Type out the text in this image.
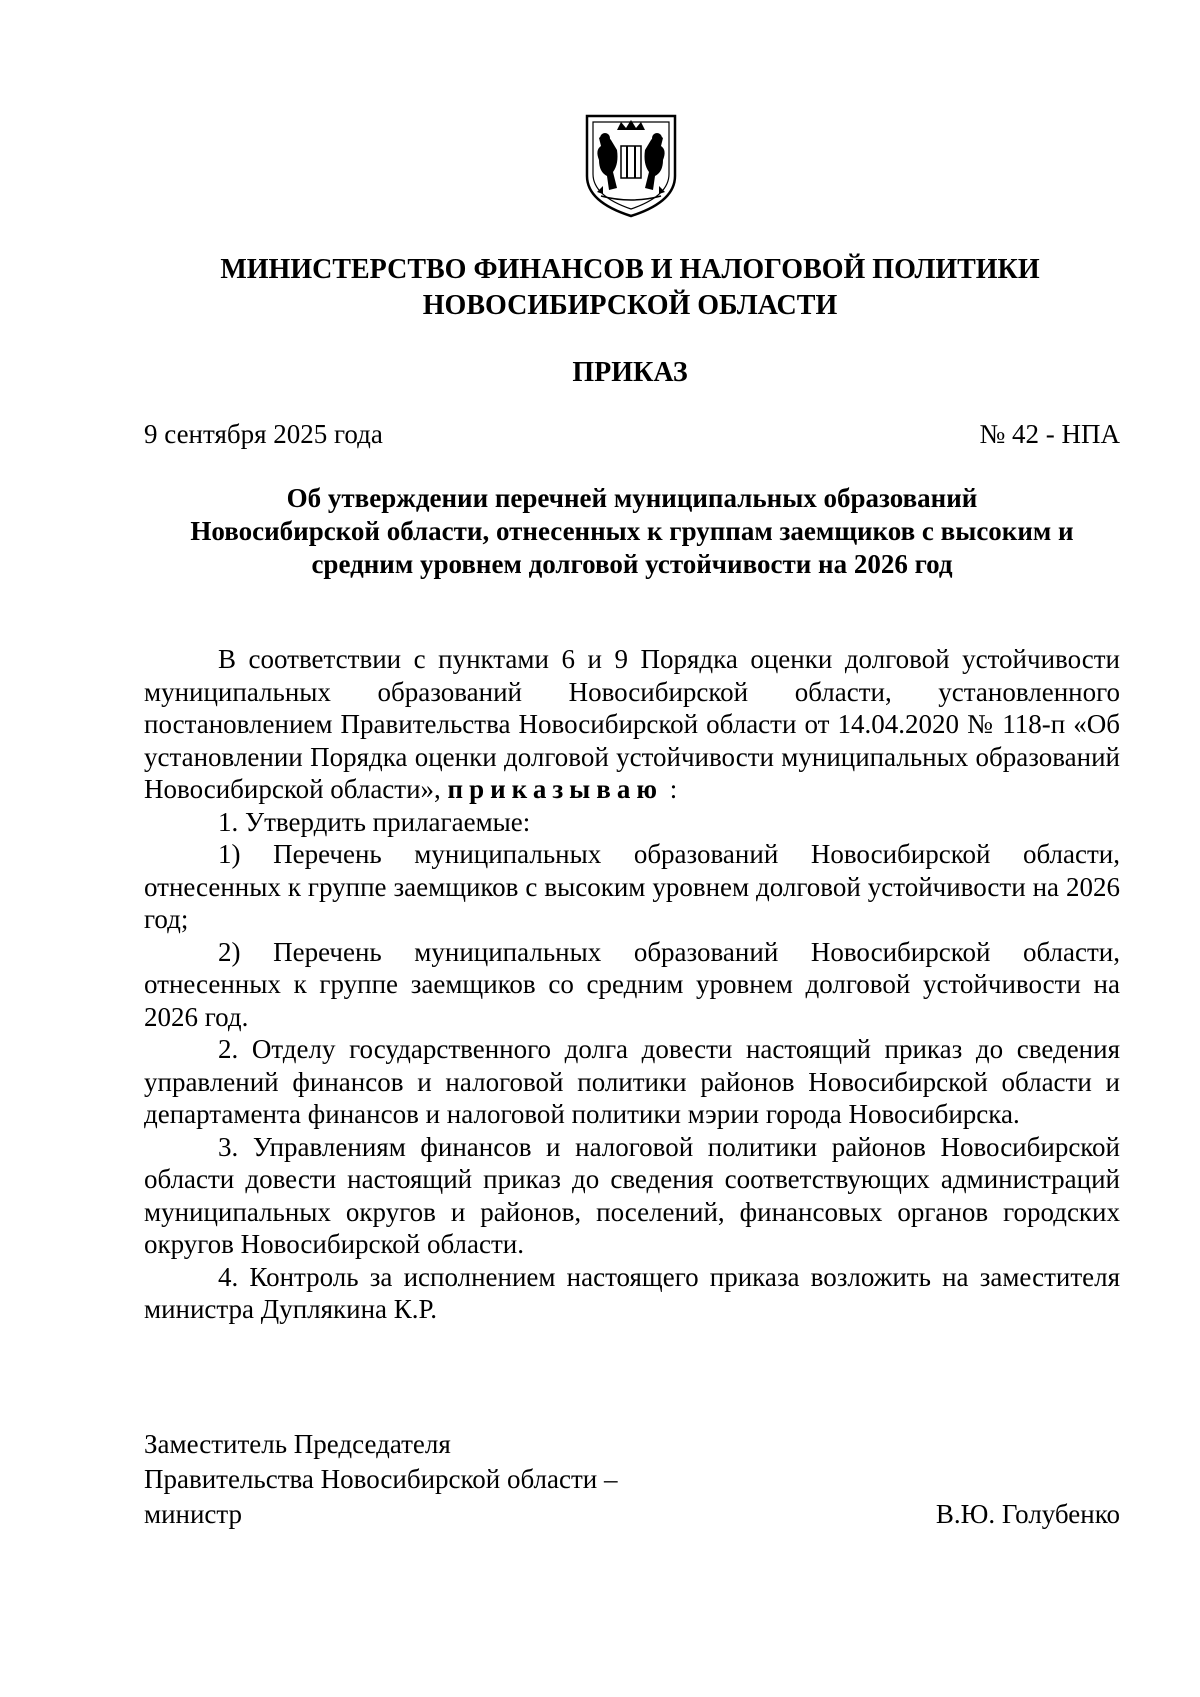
МИНИСТЕРСТВО ФИНАНСОВ И НАЛОГОВОЙ ПОЛИТИКИ
НОВОСИБИРСКОЙ ОБЛАСТИ
ПРИКАЗ
9 сентября 2025 года	№ 42 - НПА
Об утверждении перечней муниципальных образований
Новосибирской области, отнесенных к группам заемщиков с высоким и
средним уровнем долговой устойчивости на 2026 год

В соответствии с пунктами 6 и 9 Порядка оценки долговой устойчивости муниципальных образований Новосибирской области, установленного постановлением Правительства Новосибирской области от 14.04.2020 № 118-п «Об установлении Порядка оценки долговой устойчивости муниципальных образований Новосибирской области», приказываю :

1. Утвердить прилагаемые:

1) Перечень муниципальных образований Новосибирской области, отнесенных к группе заемщиков с высоким уровнем долговой устойчивости на 2026 год;

2) Перечень муниципальных образований Новосибирской области, отнесенных к группе заемщиков со средним уровнем долговой устойчивости на 2026 год.

2. Отделу государственного долга довести настоящий приказ до сведения управлений финансов и налоговой политики районов Новосибирской области и департамента финансов и налоговой политики мэрии города Новосибирска.

3. Управлениям финансов и налоговой политики районов Новосибирской области довести настоящий приказ до сведения соответствующих администраций муниципальных округов и районов, поселений, финансовых органов городских округов Новосибирской области.

4. Контроль за исполнением настоящего приказа возложить на заместителя министра Дуплякина К.Р.

Заместитель Председателя
Правительства Новосибирской области –
министр	В.Ю. Голубенко
